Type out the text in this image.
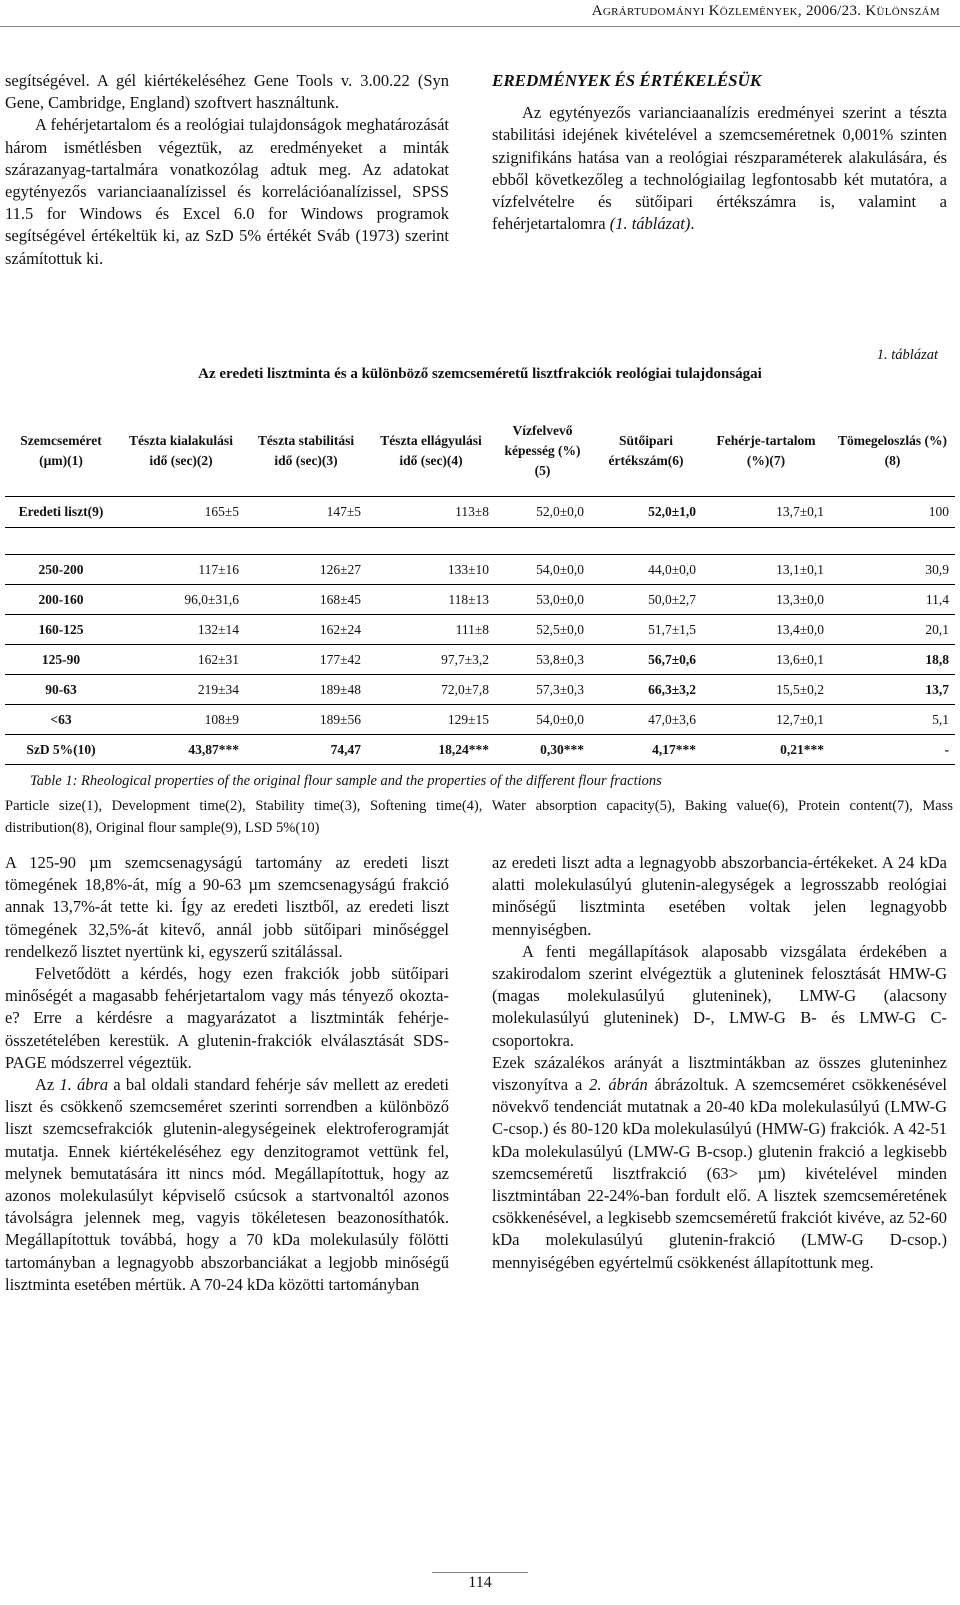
Agrártudományi Közlemények, 2006/23. Különszám

segítségével. A gél kiértékeléséhez Gene Tools v. 3.00.22 (Syn Gene, Cambridge, England) szoftvert használtunk.

A fehérjetartalom és a reológiai tulajdonságok meghatározását három ismétlésben végeztük, az eredményeket a minták szárazanyag-tartalmára vonatkozólag adtuk meg. Az adatokat egytényezős varianciaanalízissel és korrelációanalízissel, SPSS 11.5 for Windows és Excel 6.0 for Windows programok segítségével értékeltük ki, az SzD 5% értékét Sváb (1973) szerint számítottuk ki.

EREDMÉNYEK ÉS ÉRTÉKELÉSÜK

Az egytényezős varianciaanalízis eredményei szerint a tészta stabilitási idejének kivételével a szemcseméretnek 0,001% szinten szignifikáns hatása van a reológiai részparaméterek alakulására, és ebből következőleg a technológiailag legfontosabb két mutatóra, a vízfelvételre és sütőipari értékszámra is, valamint a fehérjetartalomra (1. táblázat).

1. táblázat
Az eredeti lisztminta és a különböző szemcseméretű lisztfrakciók reológiai tulajdonságai
Szemcseméret (µm)(1)	Tészta kialakulási idő (sec)(2)	Tészta stabilitási idő (sec)(3)	Tészta ellágyulási idő (sec)(4)	Vízfelvevő képesség (%)(5)	Sütőipari értékszám(6)	Fehérje-tartalom (%)(7)	Tömegeloszlás (%)(8)
Eredeti liszt(9)	165±5	147±5	113±8	52,0±0,0	52,0±1,0	13,7±0,1	100

250-200	117±16	126±27	133±10	54,0±0,0	44,0±0,0	13,1±0,1	30,9
200-160	96,0±31,6	168±45	118±13	53,0±0,0	50,0±2,7	13,3±0,0	11,4
160-125	132±14	162±24	111±8	52,5±0,0	51,7±1,5	13,4±0,0	20,1
125-90	162±31	177±42	97,7±3,2	53,8±0,3	56,7±0,6	13,6±0,1	18,8
90-63	219±34	189±48	72,0±7,8	57,3±0,3	66,3±3,2	15,5±0,2	13,7
<63	108±9	189±56	129±15	54,0±0,0	47,0±3,6	12,7±0,1	5,1
SzD 5%(10)	43,87***	74,47	18,24***	0,30***	4,17***	0,21***	-
Table 1: Rheological properties of the original flour sample and the properties of the different flour fractions
Particle size(1), Development time(2), Stability time(3), Softening time(4), Water absorption capacity(5), Baking value(6), Protein content(7), Mass distribution(8), Original flour sample(9), LSD 5%(10)

A 125-90 µm szemcsenagyságú tartomány az eredeti liszt tömegének 18,8%-át, míg a 90-63 µm szemcsenagyságú frakció annak 13,7%-át tette ki. Így az eredeti lisztből, az eredeti liszt tömegének 32,5%-át kitevő, annál jobb sütőipari minőséggel rendelkező lisztet nyertünk ki, egyszerű szitálással.

Felvetődött a kérdés, hogy ezen frakciók jobb sütőipari minőségét a magasabb fehérjetartalom vagy más tényező okozta-e? Erre a kérdésre a magyarázatot a lisztminták fehérje-összetételében kerestük. A glutenin-frakciók elválasztását SDS-PAGE módszerrel végeztük.

Az 1. ábra a bal oldali standard fehérje sáv mellett az eredeti liszt és csökkenő szemcseméret szerinti sorrendben a különböző liszt szemcsefrakciók glutenin-alegységeinek elektroferogramját mutatja. Ennek kiértékeléséhez egy denzitogramot vettünk fel, melynek bemutatására itt nincs mód. Megállapítottuk, hogy az azonos molekulasúlyt képviselő csúcsok a startvonaltól azonos távolságra jelennek meg, vagyis tökéletesen beazonosíthatók. Megállapítottuk továbbá, hogy a 70 kDa molekulasúly fölötti tartományban a legnagyobb abszorbanciákat a legjobb minőségű lisztminta esetében mértük. A 70-24 kDa közötti tartományban

az eredeti liszt adta a legnagyobb abszorbancia-értékeket. A 24 kDa alatti molekulasúlyú glutenin-alegységek a legrosszabb reológiai minőségű lisztminta esetében voltak jelen legnagyobb mennyiségben.

A fenti megállapítások alaposabb vizsgálata érdekében a szakirodalom szerint elvégeztük a gluteninek felosztását HMW-G (magas molekulasúlyú gluteninek), LMW-G (alacsony molekulasúlyú gluteninek) D-, LMW-G B- és LMW-G C-csoportokra.

Ezek százalékos arányát a lisztmintákban az összes gluteninhez viszonyítva a 2. ábrán ábrázoltuk. A szemcseméret csökkenésével növekvő tendenciát mutatnak a 20-40 kDa molekulasúlyú (LMW-G C-csop.) és 80-120 kDa molekulasúlyú (HMW-G) frakciók. A 42-51 kDa molekulasúlyú (LMW-G B-csop.) glutenin frakció a legkisebb szemcseméretű lisztfrakció (63> µm) kivételével minden lisztmintában 22-24%-ban fordult elő. A lisztek szemcseméretének csökkenésével, a legkisebb szemcseméretű frakciót kivéve, az 52-60 kDa molekulasúlyú glutenin-frakció (LMW-G D-csop.) mennyiségében egyértelmű csökkenést állapítottunk meg.

114
